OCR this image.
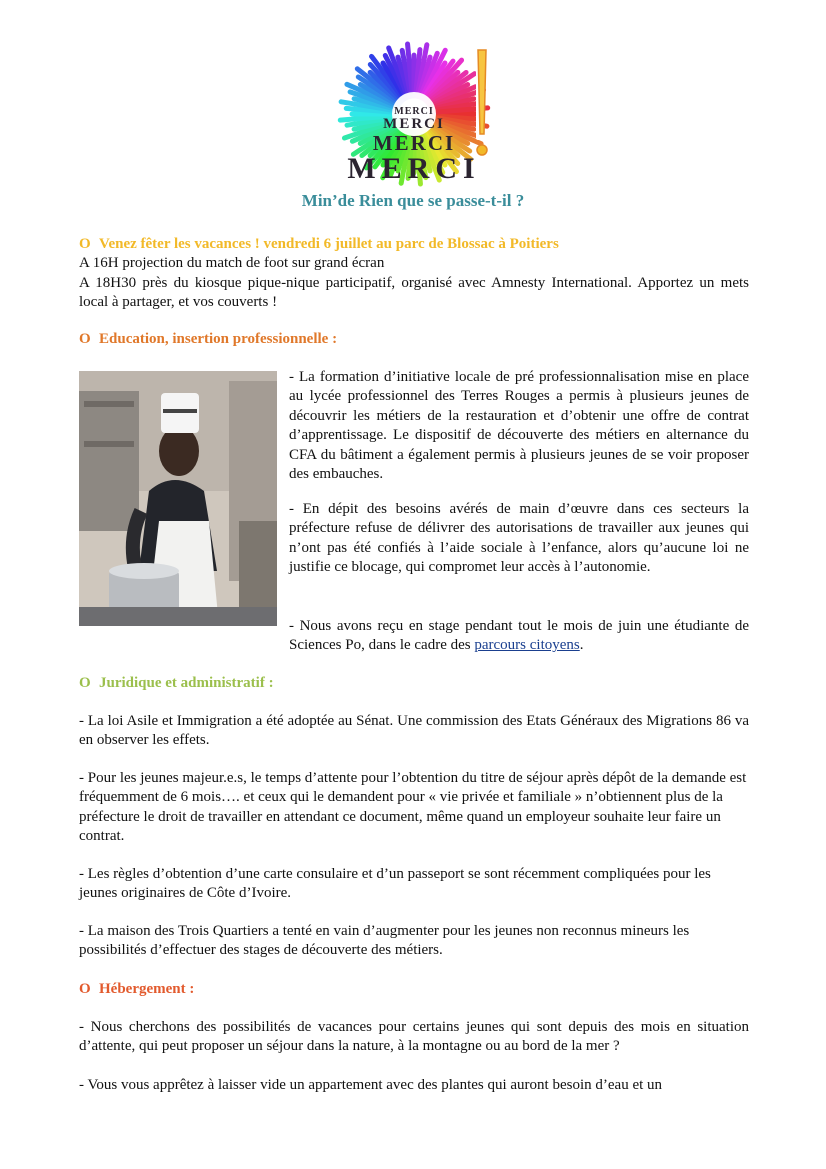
MERCI
MERCI
MERCI
MERCI
Min’de Rien que se passe-t-il ?

O Venez fêter les vacances ! vendredi 6 juillet au parc de Blossac à Poitiers

A 16H projection du match de foot sur grand écran

A 18H30 près du kiosque pique-nique participatif, organisé avec Amnesty International. Apportez un mets local à partager, et vos couverts !

O Education, insertion professionnelle :

- La formation d’initiative locale de pré professionnalisation mise en place au lycée professionnel des Terres Rouges a permis à plusieurs jeunes de découvrir les métiers de la restauration et d’obtenir une offre de contrat d’apprentissage. Le dispositif de découverte des métiers en alternance du CFA du bâtiment a également permis à plusieurs jeunes de se voir proposer des embauches.
- En dépit des besoins avérés de main d’œuvre dans ces secteurs la préfecture refuse de délivrer des autorisations de travailler aux jeunes qui n’ont pas été confiés à l’aide sociale à l’enfance, alors qu’aucune loi ne justifie ce blocage, qui compromet leur accès à l’autonomie.

- Nous avons reçu en stage pendant tout le mois de juin une étudiante de Sciences Po, dans le cadre des parcours citoyens.

O Juridique et administratif :

- La loi Asile et Immigration a été adoptée au Sénat. Une commission des Etats Généraux des Migrations 86 va en observer les effets.
- Pour les jeunes majeur.e.s, le temps d’attente pour l’obtention du titre de séjour après dépôt de la demande est fréquemment de 6 mois…. et ceux qui le demandent pour « vie privée et familiale » n’obtiennent plus de la préfecture le droit de travailler en attendant ce document, même quand un employeur souhaite leur faire un contrat.
- Les règles d’obtention d’une carte consulaire et d’un passeport se sont récemment compliquées pour les jeunes originaires de Côte d’Ivoire.
- La maison des Trois Quartiers a tenté en vain d’augmenter pour les jeunes non reconnus mineurs les possibilités d’effectuer des stages de découverte des métiers.

O Hébergement :

- Nous cherchons des possibilités de vacances pour certains jeunes qui sont depuis des mois en situation d’attente, qui peut proposer un séjour dans la nature, à la montagne ou au bord de la mer ?
- Vous vous apprêtez à laisser vide un appartement avec des plantes qui auront besoin d’eau et un
